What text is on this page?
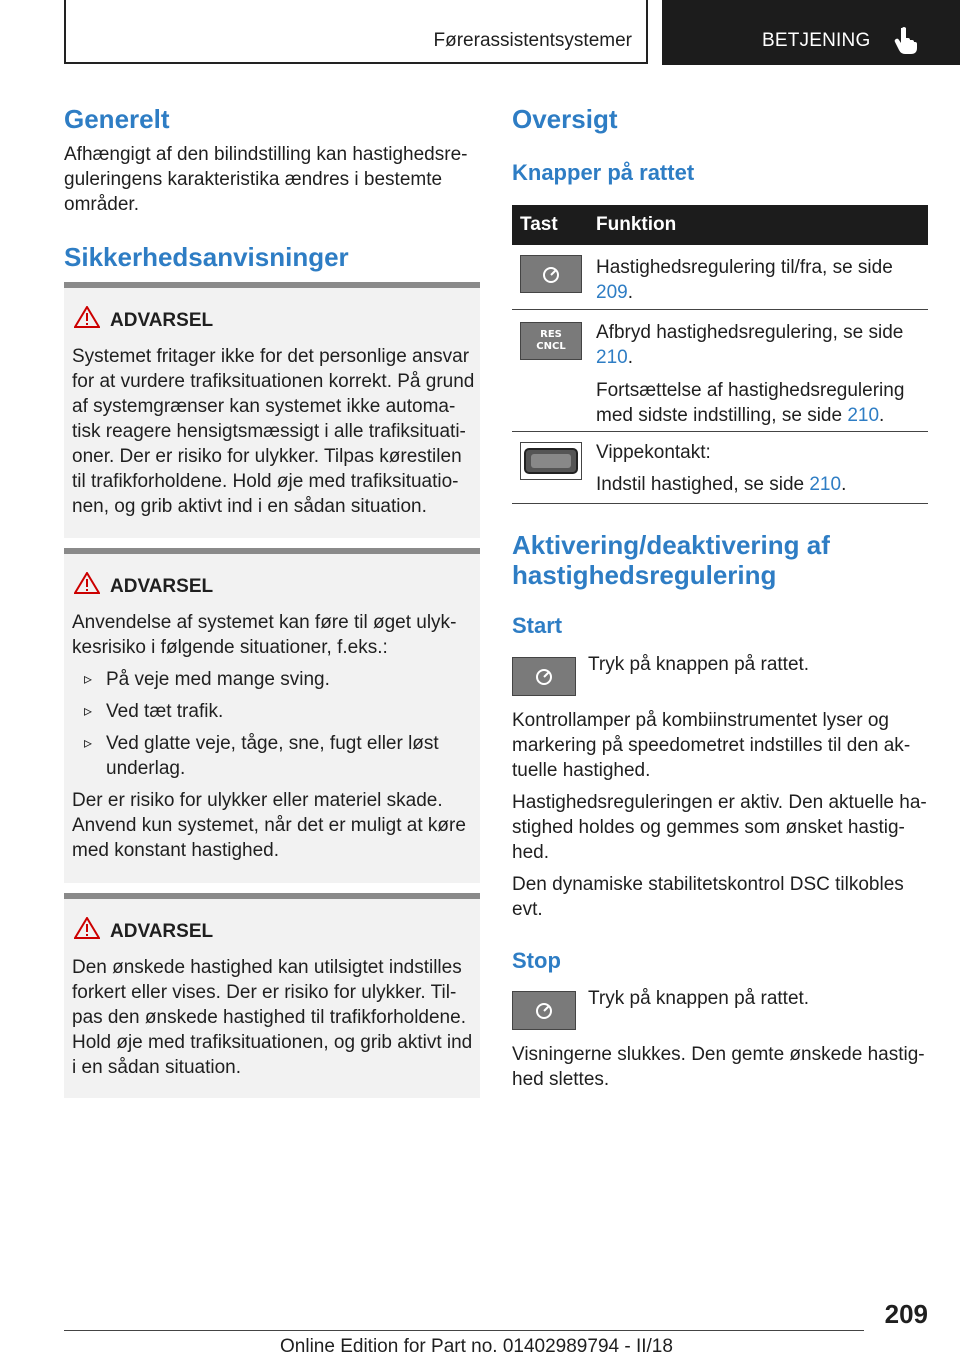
Førerassistentsystemer	BETJENING
Generelt

Afhængigt af den bilindstilling kan hastighedsreguleringens karakteristika ændres i bestemte områder.

Sikkerhedsanvisninger
ADVARSEL

Systemet fritager ikke for det personlige ansvar for at vurdere trafiksituationen korrekt. På grund af systemgrænser kan systemet ikke automatisk reagere hensigtsmæssigt i alle trafiksituationer. Der er risiko for ulykker. Tilpas kørestilen til trafikforholdene. Hold øje med trafiksituationen, og grib aktivt ind i en sådan situation.

ADVARSEL

Anvendelse af systemet kan føre til øget ulykkesrisiko i følgende situationer, f.eks.:

▹ På veje med mange sving.
▹ Ved tæt trafik.
▹ Ved glatte veje, tåge, sne, fugt eller løst underlag.

Der er risiko for ulykker eller materiel skade. Anvend kun systemet, når det er muligt at køre med konstant hastighed.

ADVARSEL

Den ønskede hastighed kan utilsigtet indstilles forkert eller vises. Der er risiko for ulykker. Tilpas den ønskede hastighed til trafikforholdene. Hold øje med trafiksituationen, og grib aktivt ind i en sådan situation.

Oversigt
Knapper på rattet
Tast Funktion

Hastighedsregulering til/fra, se side 209.

RES
CNCL

Afbryd hastighedsregulering, se side 210.

Fortsættelse af hastighedsregulering med sidste indstilling, se side 210.

Vippekontakt:

Indstil hastighed, se side 210.

Aktivering/deaktivering af
hastighedsregulering
Start

Tryk på knappen på rattet.

Kontrollamper på kombiinstrumentet lyser og markering på speedometret indstilles til den aktuelle hastighed.

Hastighedsreguleringen er aktiv. Den aktuelle hastighed holdes og gemmes som ønsket hastighed.

Den dynamiske stabilitetskontrol DSC tilkobles evt.

Stop

Tryk på knappen på rattet.

Visningerne slukkes. Den gemte ønskede hastighed slettes.

209
Online Edition for Part no. 01402989794 - II/18
